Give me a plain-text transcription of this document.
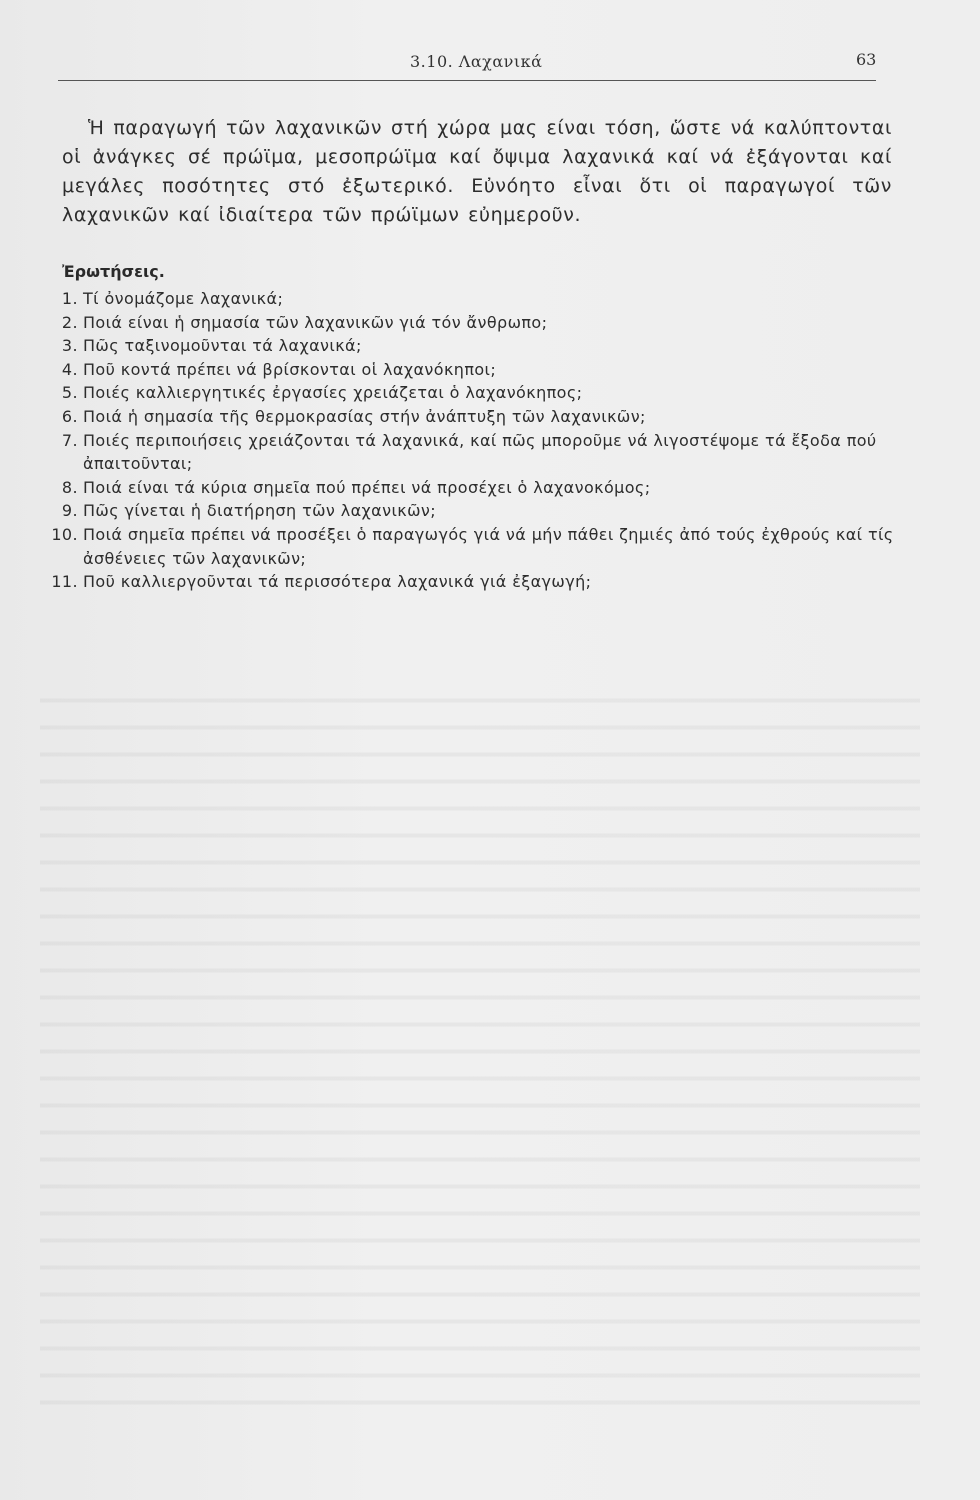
3.10. Λαχανικά	63

Ἡ παραγωγή τῶν λαχανικῶν στή χώρα μας είναι τόση, ὥστε νά καλύπτονται οἱ ἀνάγκες σέ πρώϊμα, μεσοπρώϊμα καί ὄψιμα λαχανικά καί νά ἐξάγονται καί μεγάλες ποσότητες στό ἐξωτερικό. Εὐνόητο εἶναι ὅτι οἱ παραγωγοί τῶν λαχανικῶν καί ἰδιαίτερα τῶν πρώϊμων εὐημεροῦν.

Ἐρωτήσεις.
1. Τί ὀνομάζομε λαχανικά;
2. Ποιά είναι ἡ σημασία τῶν λαχανικῶν γιά τόν ἄνθρωπο;
3. Πῶς ταξινομοῦνται τά λαχανικά;
4. Ποῦ κοντά πρέπει νά βρίσκονται οἱ λαχανόκηποι;
5. Ποιές καλλιεργητικές ἐργασίες χρειάζεται ὁ λαχανόκηπος;
6. Ποιά ἡ σημασία τῆς θερμοκρασίας στήν ἀνάπτυξη τῶν λαχανικῶν;
7. Ποιές περιποιήσεις χρειάζονται τά λαχανικά, καί πῶς μποροῦμε νά λιγοστέψομε τά ἔξοδα πού ἀπαιτοῦνται;
8. Ποιά είναι τά κύρια σημεῖα πού πρέπει νά προσέχει ὁ λαχανοκόμος;
9. Πῶς γίνεται ἡ διατήρηση τῶν λαχανικῶν;
10. Ποιά σημεῖα πρέπει νά προσέξει ὁ παραγωγός γιά νά μήν πάθει ζημιές ἀπό τούς ἐχθρούς καί τίς ἀσθένειες τῶν λαχανικῶν;
11. Ποῦ καλλιεργοῦνται τά περισσότερα λαχανικά γιά ἐξαγωγή;
